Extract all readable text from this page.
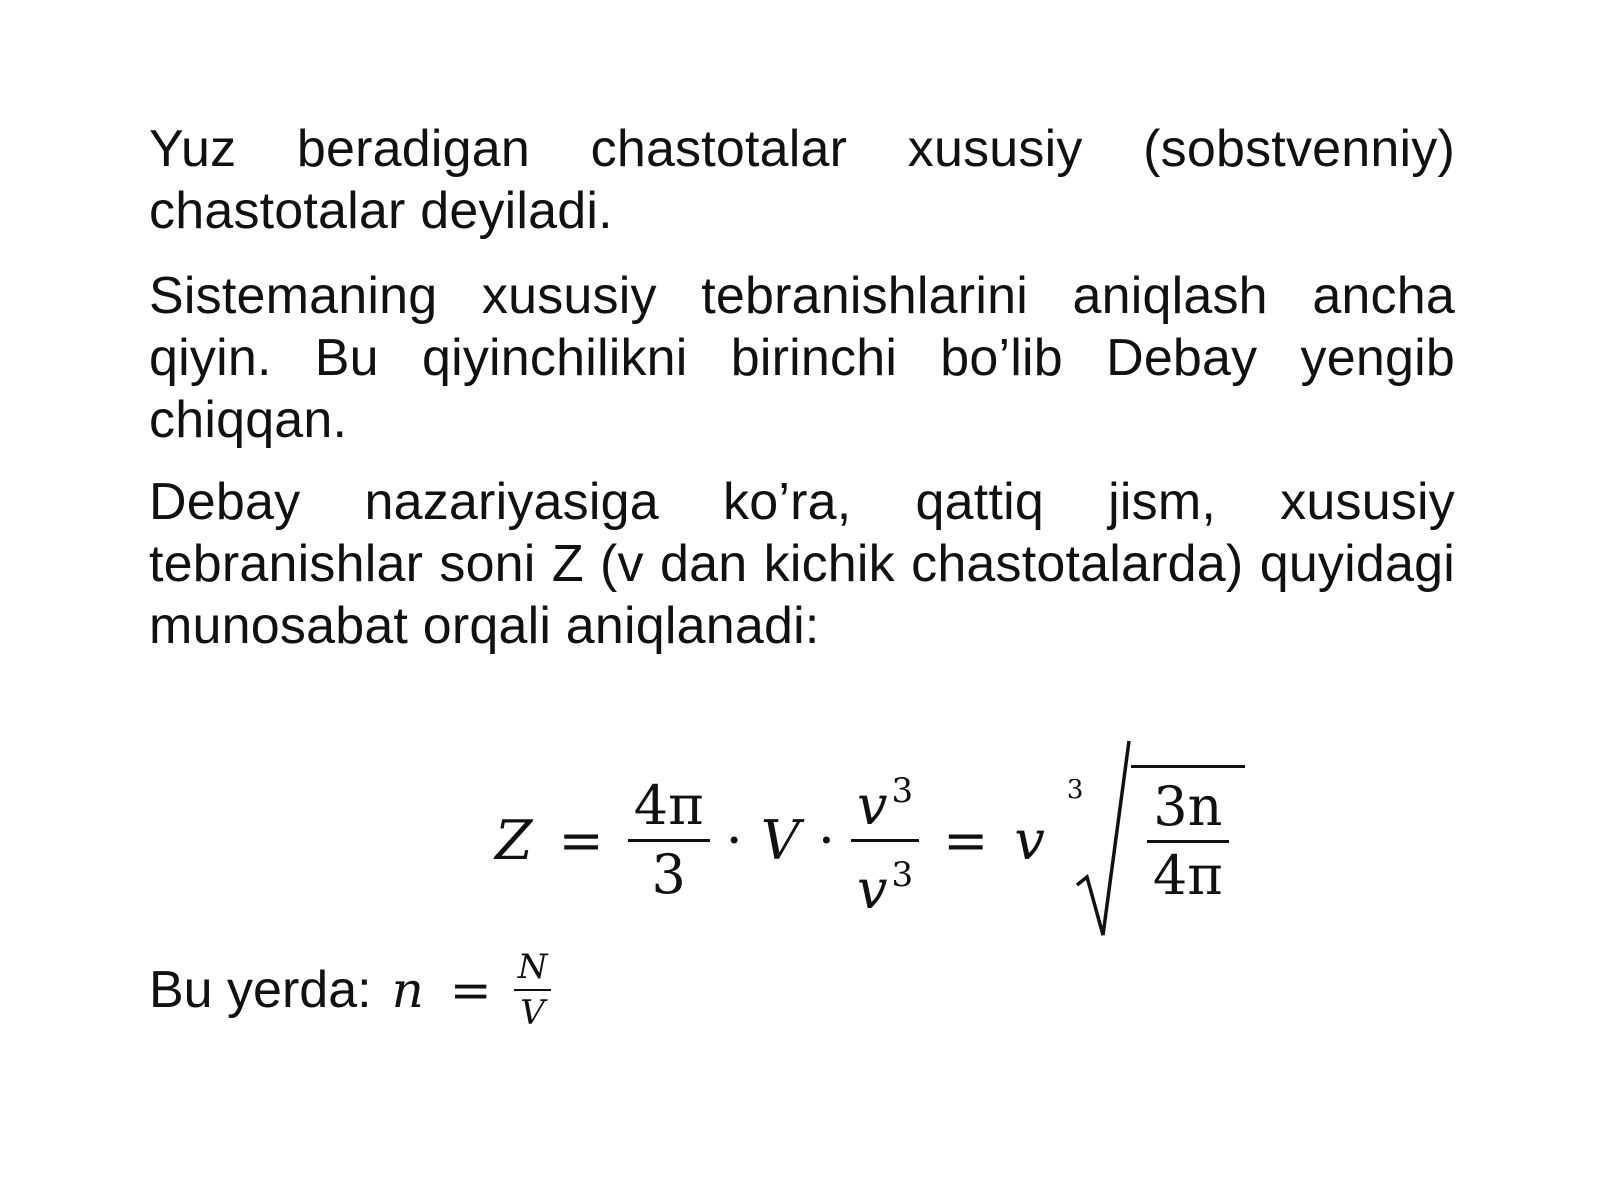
Yuz beradigan chastotalar xususiy (sobstvenniy) chastotalar deyiladi.

Sistemaning xususiy tebranishlarini aniqlash ancha qiyin. Bu qiyinchilikni birinchi bo’lib Debay yengib chiqqan.

Debay nazariyasiga ko’ra, qattiq jism, xususiy tebranishlar soni Z (v dan kichik chastotalarda) quyidagi munosabat orqali aniqlanadi:

$Z = \frac{4\pi}{3} \cdot V \cdot \frac{v ^3}{v ^3} = v$
$3 \frac{3n}{4\pi}$
Bu yerda: $n = \frac{N}{V}$
